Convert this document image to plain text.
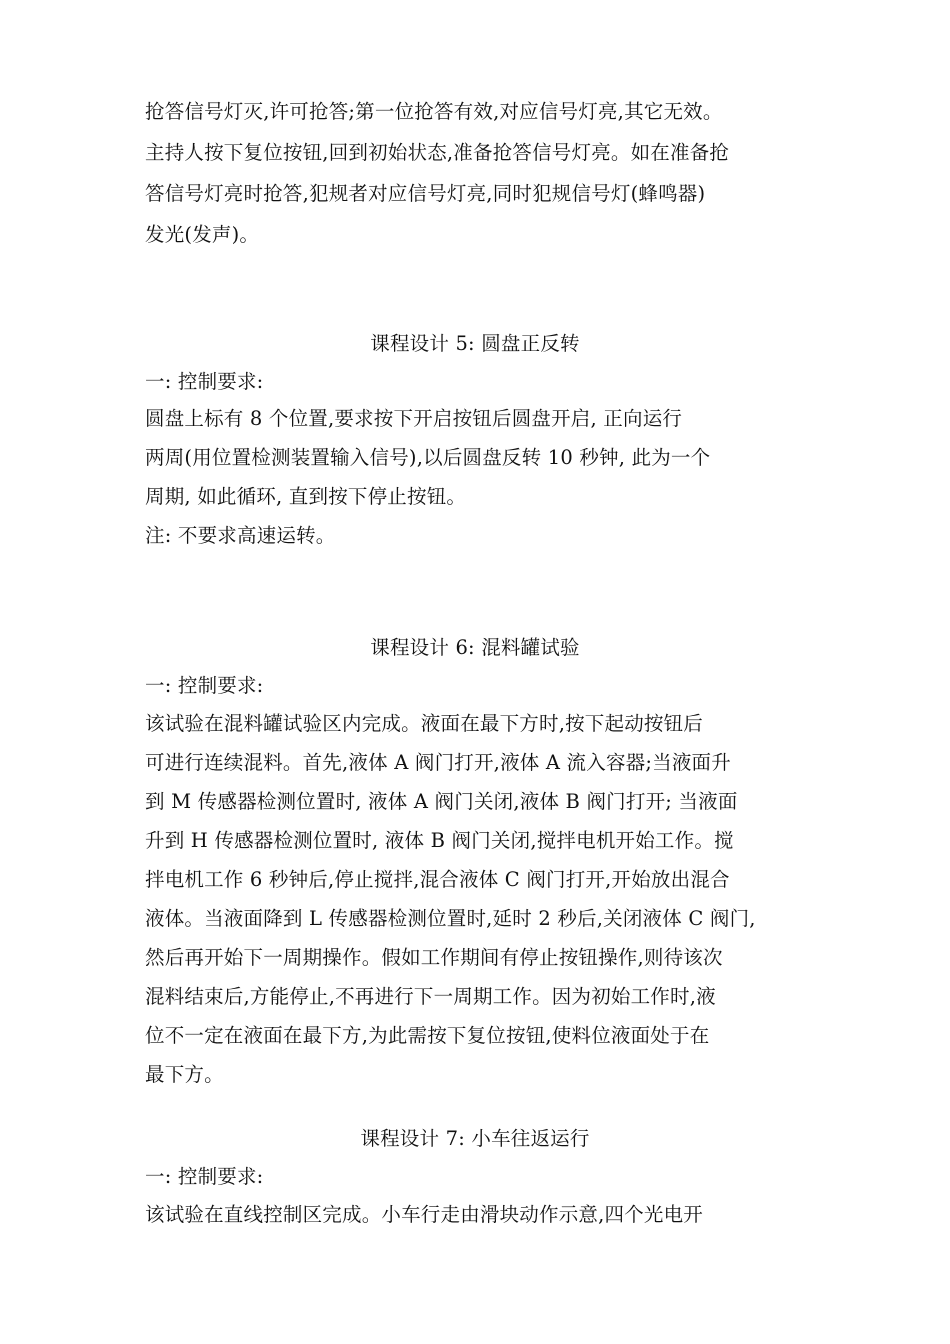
抢答信号灯灭,许可抢答;第一位抢答有效,对应信号灯亮,其它无效。
主持人按下复位按钮,回到初始状态,准备抢答信号灯亮。如在准备抢
答信号灯亮时抢答,犯规者对应信号灯亮,同时犯规信号灯(蜂鸣器)
发光(发声)。
课程设计 5: 圆盘正反转
一: 控制要求:
圆盘上标有 8 个位置,要求按下开启按钮后圆盘开启, 正向运行
两周(用位置检测装置输入信号),以后圆盘反转 10 秒钟, 此为一个
周期, 如此循环, 直到按下停止按钮。
注: 不要求高速运转。
课程设计 6: 混料罐试验
一: 控制要求:
该试验在混料罐试验区内完成。液面在最下方时,按下起动按钮后
可进行连续混料。首先,液体 A 阀门打开,液体 A 流入容器;当液面升
到 M 传感器检测位置时, 液体 A 阀门关闭,液体 B 阀门打开; 当液面
升到 H 传感器检测位置时, 液体 B 阀门关闭,搅拌电机开始工作。搅
拌电机工作 6 秒钟后,停止搅拌,混合液体 C 阀门打开,开始放出混合
液体。当液面降到 L 传感器检测位置时,延时 2 秒后,关闭液体 C 阀门,
然后再开始下一周期操作。假如工作期间有停止按钮操作,则待该次
混料结束后,方能停止,不再进行下一周期工作。因为初始工作时,液
位不一定在液面在最下方,为此需按下复位按钮,使料位液面处于在
最下方。
课程设计 7: 小车往返运行
一: 控制要求:
该试验在直线控制区完成。小车行走由滑块动作示意,四个光电开
